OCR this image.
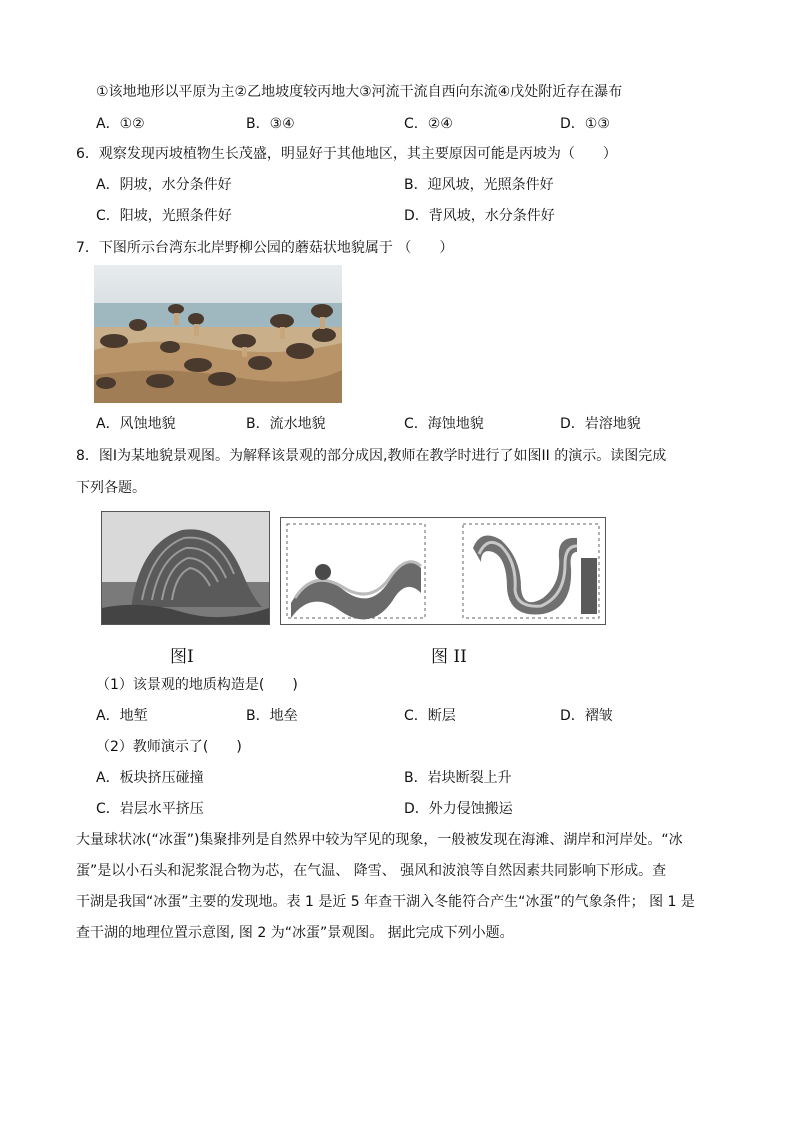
①该地地形以平原为主②乙地坡度较丙地大③河流干流自西向东流④戊处附近存在瀑布
A．①②	B．③④	C．②④	D．①③
6．观察发现丙坡植物生长茂盛，明显好于其他地区，其主要原因可能是丙坡为（　　）
A．阴坡，水分条件好	B．迎风坡，光照条件好
C．阳坡，光照条件好	D．背风坡，水分条件好
7．下图所示台湾东北岸野柳公园的蘑菇状地貌属于 （　　）
A．风蚀地貌	B．流水地貌	C．海蚀地貌	D．岩溶地貌
8．图Ⅰ为某地貌景观图。为解释该景观的部分成因,教师在教学时进行了如图II 的演示。读图完成
下列各题。
图Ⅰ	图 II
（1）该景观的地质构造是(　　)
A．地堑	B．地垒	C．断层	D．褶皱
（2）教师演示了(　　)
A．板块挤压碰撞	B．岩块断裂上升
C．岩层水平挤压	D．外力侵蚀搬运
大量球状冰(“冰蛋”)集聚排列是自然界中较为罕见的现象，一般被发现在海滩、湖岸和河岸处。“冰
蛋”是以小石头和泥浆混合物为芯，在气温、 降雪、 强风和波浪等自然因素共同影响下形成。查
干湖是我国“冰蛋”主要的发现地。表 1 是近 5 年查干湖入冬能符合产生“冰蛋”的气象条件； 图 1 是
查干湖的地理位置示意图, 图 2 为“冰蛋”景观图。 据此完成下列小题。
